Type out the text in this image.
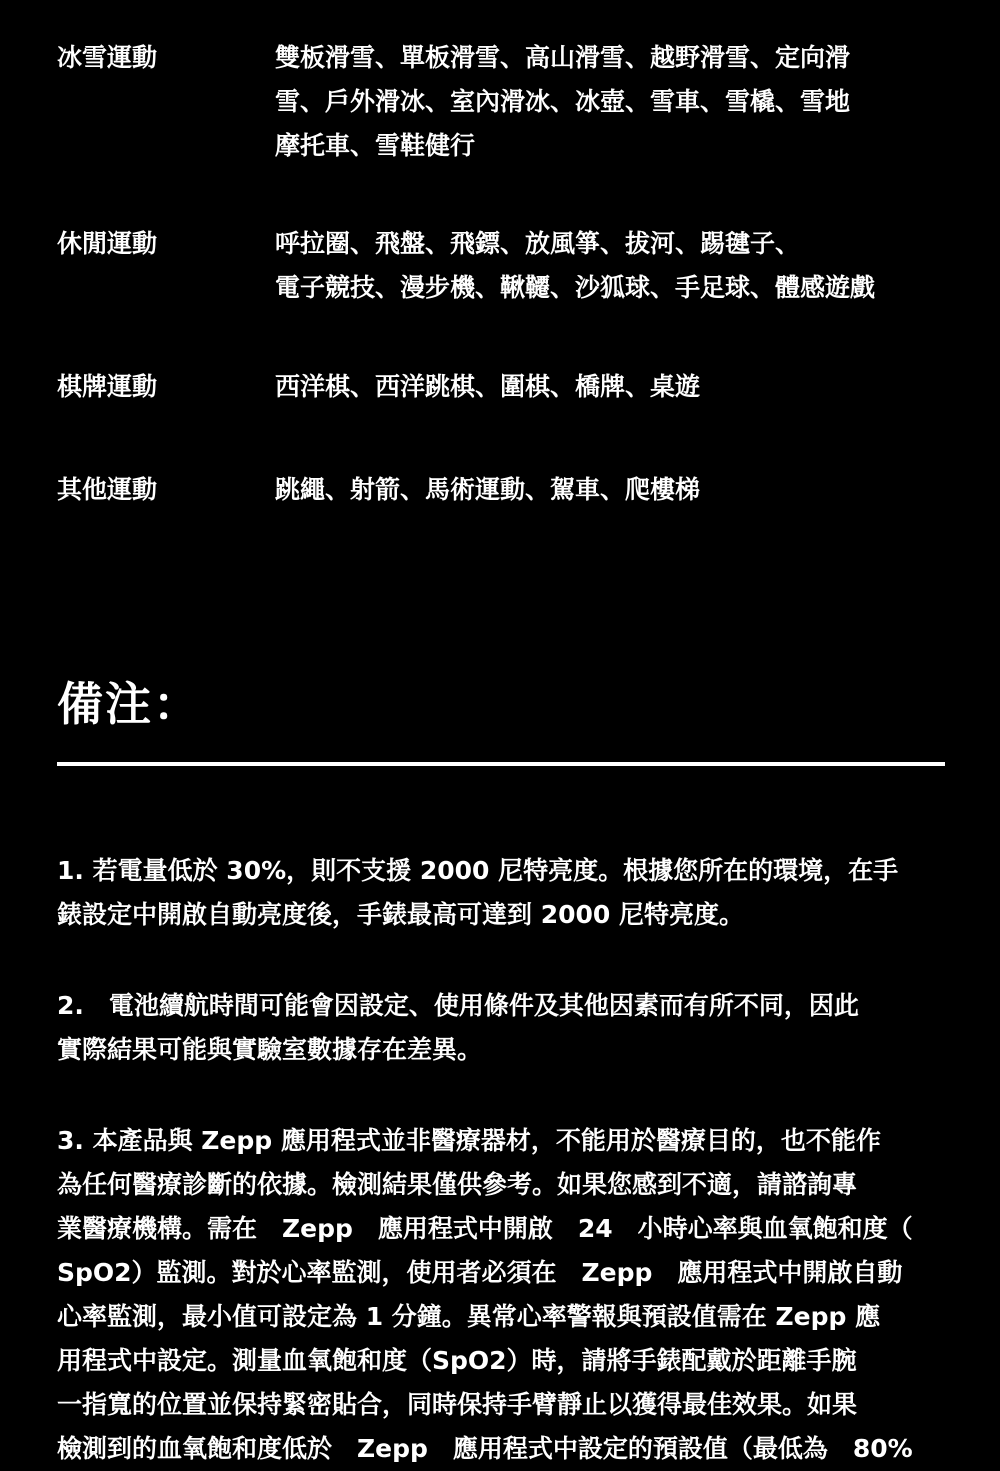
冰雪運動	雙板滑雪、單板滑雪、高山滑雪、越野滑雪、定向滑
雪、戶外滑冰、室內滑冰、冰壺、雪車、雪橇、雪地
摩托車、雪鞋健行
休閒運動	呼拉圈、飛盤、飛鏢、放風箏、拔河、踢毽子、
電子競技、漫步機、鞦韆、沙狐球、手足球、體感遊戲
棋牌運動	西洋棋、西洋跳棋、圍棋、橋牌、桌遊
其他運動	跳繩、射箭、馬術運動、駕車、爬樓梯
備注：
1. 若電量低於 30%，則不支援 2000 尼特亮度。根據您所在的環境，在手
錶設定中開啟自動亮度後，手錶最高可達到 2000 尼特亮度。
2.　電池續航時間可能會因設定、使用條件及其他因素而有所不同，因此
實際結果可能與實驗室數據存在差異。
3. 本產品與 Zepp 應用程式並非醫療器材，不能用於醫療目的，也不能作
為任何醫療診斷的依據。檢測結果僅供參考。如果您感到不適，請諮詢專
業醫療機構。需在　Zepp　應用程式中開啟　24　小時心率與血氧飽和度（
SpO2）監測。對於心率監測，使用者必須在　Zepp　應用程式中開啟自動
心率監測，最小值可設定為 1 分鐘。異常心率警報與預設值需在 Zepp 應
用程式中設定。測量血氧飽和度（SpO2）時，請將手錶配戴於距離手腕
一指寬的位置並保持緊密貼合，同時保持手臂靜止以獲得最佳效果。如果
檢測到的血氧飽和度低於　Zepp　應用程式中設定的預設值（最低為　80%
